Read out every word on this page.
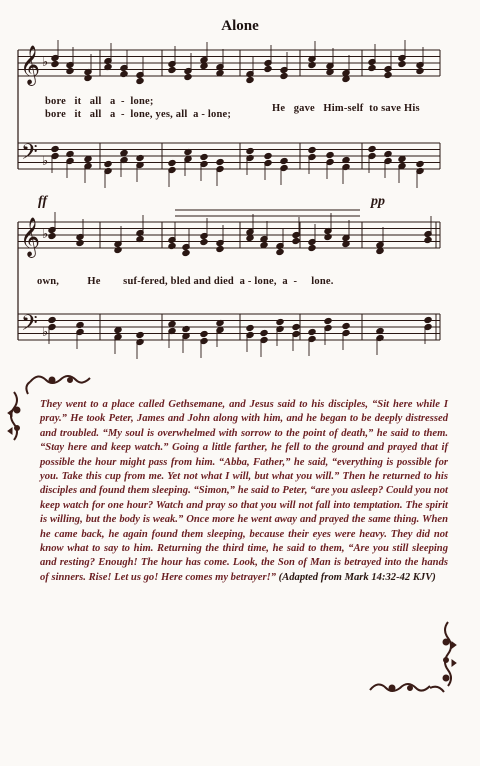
Alone
𝄞
𝄢
♭
♭
𝄞
𝄢
♭
♭
bore   it   all   a  -  lone;
bore   it   all   a  -  lone, yes, all  a - lone;
He   gave   Him-self  to save His
own,          He        suf-fered, bled and died  a - lone,  a  -     lone.
ff	pp
They went to a place called Gethsemane, and Jesus said to his disciples, “Sit here while I pray.” He took Peter, James and John along with him, and he began to be deeply distressed and troubled. “My soul is overwhelmed with sorrow to the point of death,” he said to them. “Stay here and keep watch.” Going a little farther, he fell to the ground and prayed that if possible the hour might pass from him. “Abba, Father,” he said, “everything is possible for you. Take this cup from me. Yet not what I will, but what you will.” Then he returned to his disciples and found them sleeping. “Simon,” he said to Peter, “are you asleep? Could you not keep watch for one hour? Watch and pray so that you will not fall into temptation. The spirit is willing, but the body is weak.” Once more he went away and prayed the same thing. When he came back, he again found them sleeping, because their eyes were heavy. They did not know what to say to him. Returning the third time, he said to them, “Are you still sleeping and resting? Enough! The hour has come. Look, the Son of Man is betrayed into the hands of sinners. Rise! Let us go! Here comes my betrayer!” (Adapted from Mark 14:32-42 KJV)
